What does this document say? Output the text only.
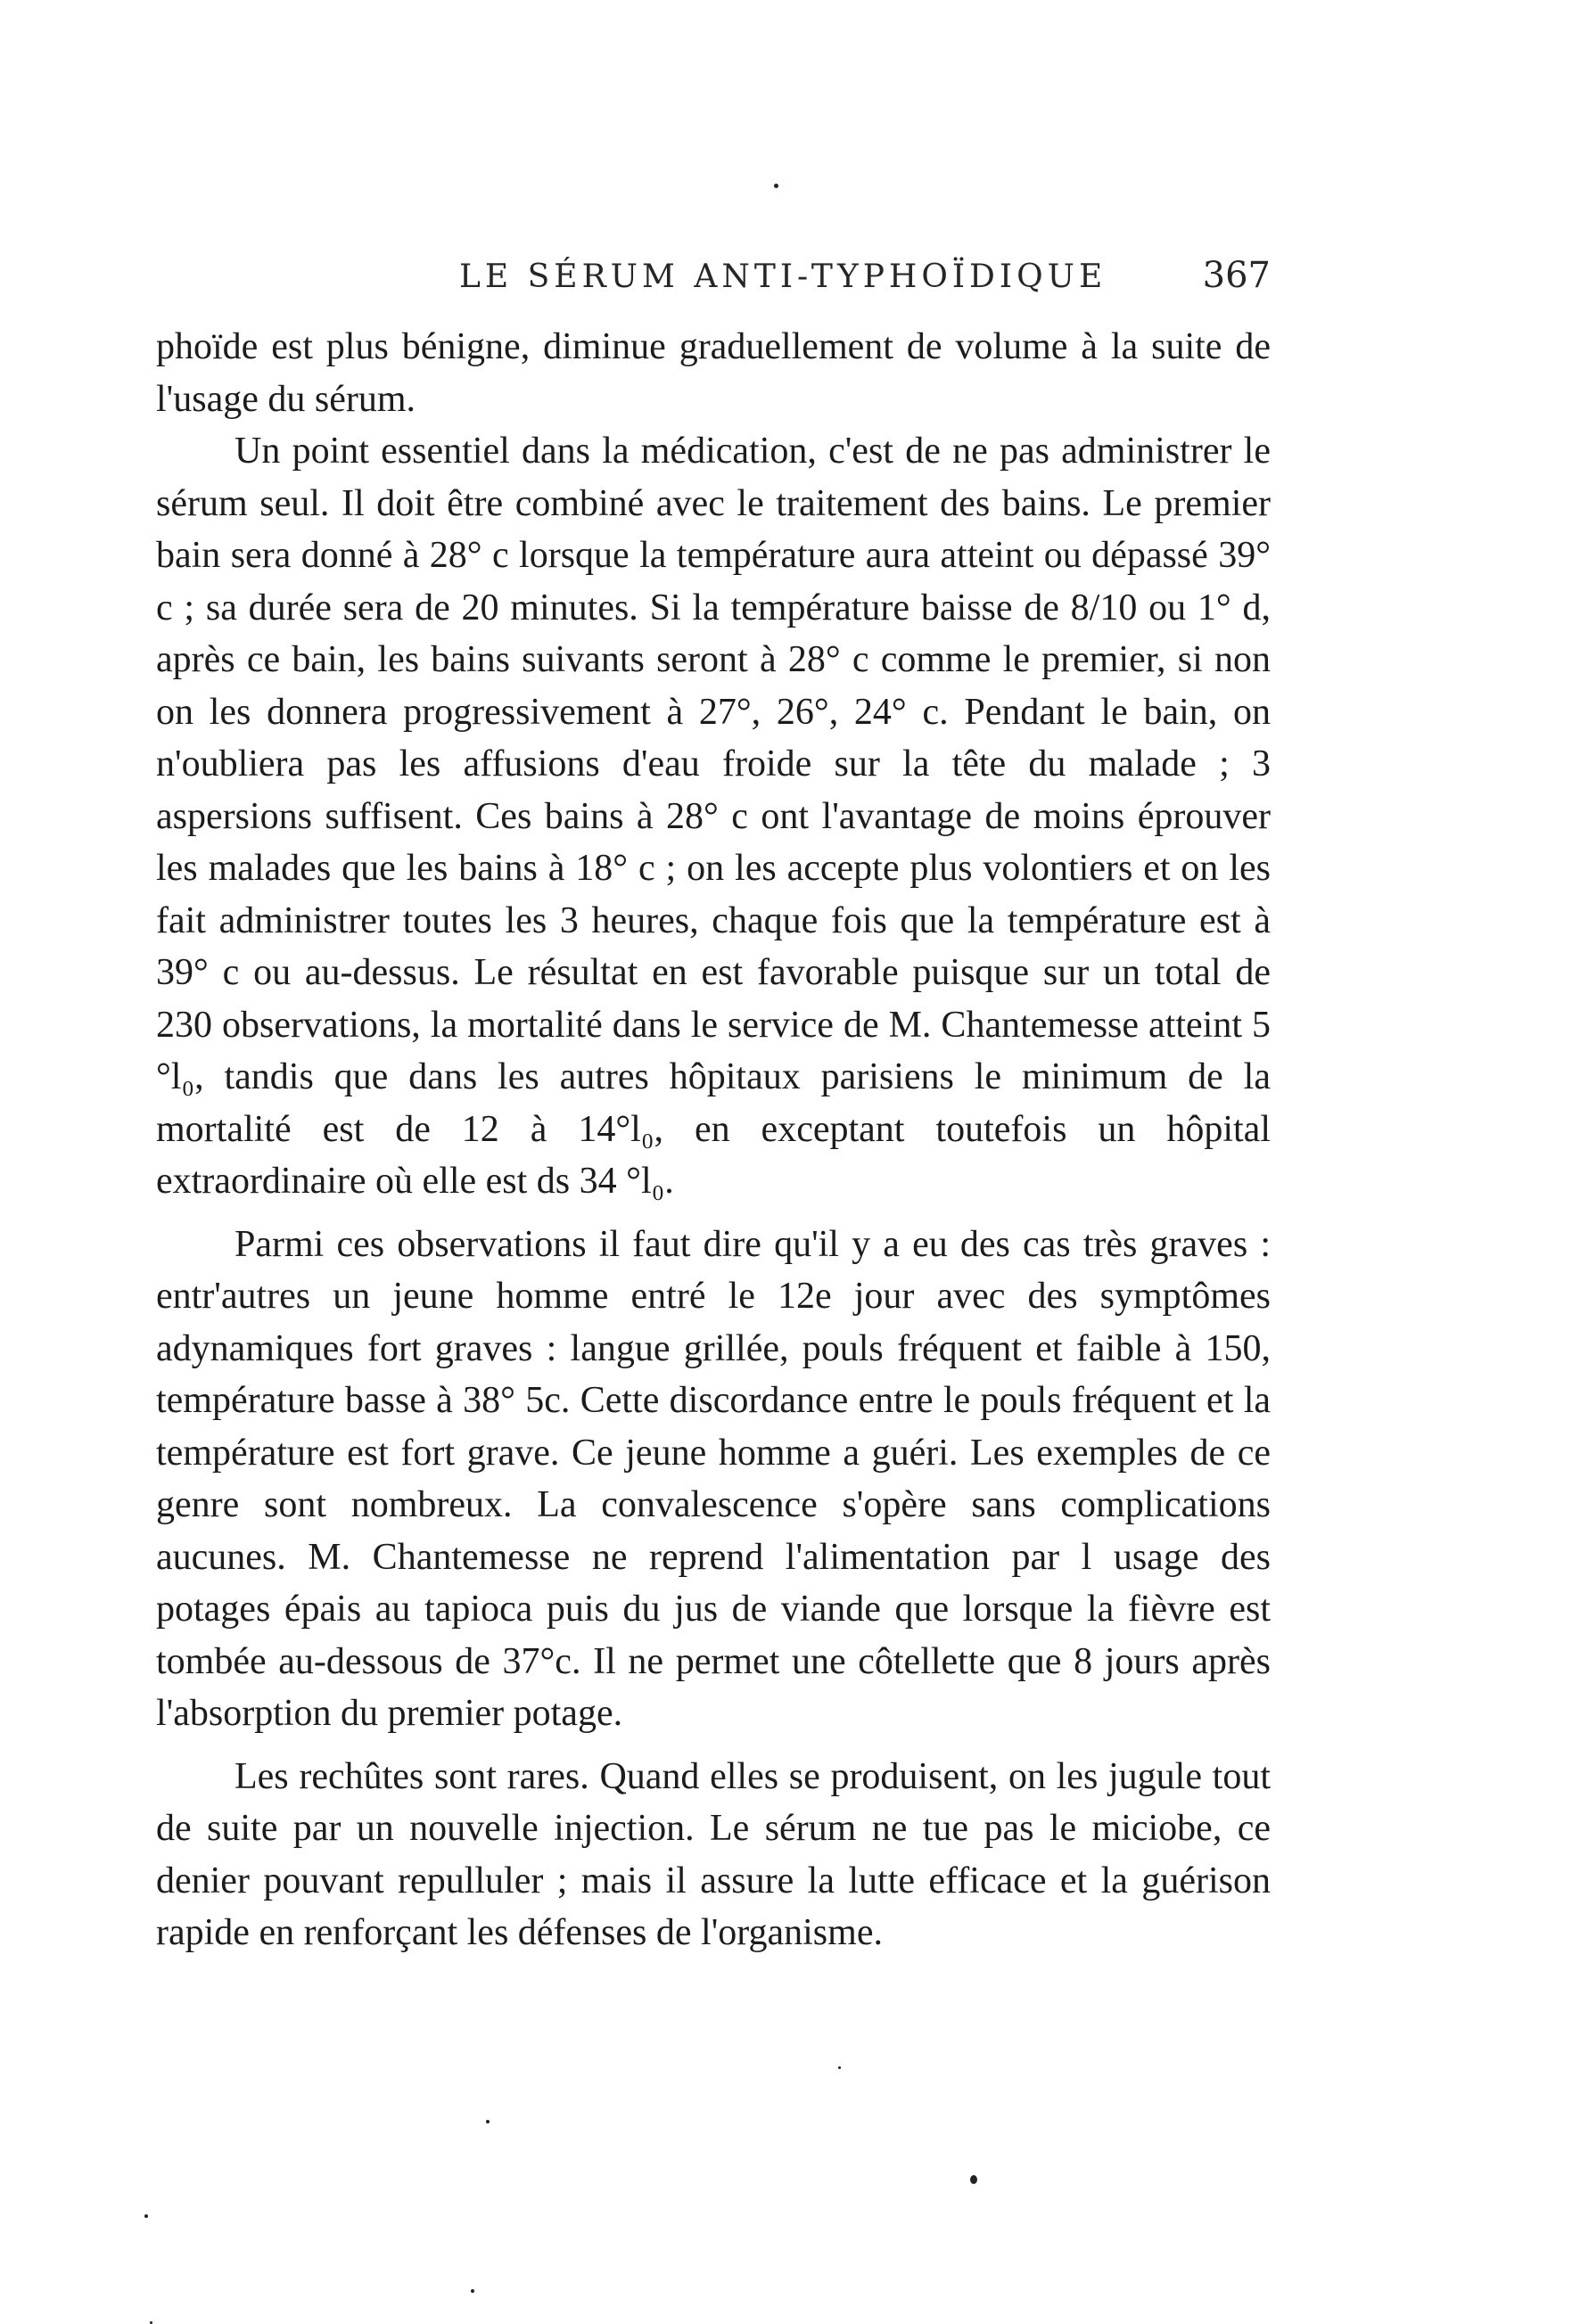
LE SÉRUM ANTI-TYPHOÏDIQUE	367

phoïde est plus bénigne, diminue graduellement de volume à la suite de l'usage du sérum.

Un point essentiel dans la médication, c'est de ne pas administrer le sérum seul. Il doit être combiné avec le traitement des bains. Le premier bain sera donné à 28° c lorsque la température aura atteint ou dépassé 39° c ; sa durée sera de 20 minutes. Si la température baisse de 8/10 ou 1° d, après ce bain, les bains suivants seront à 28° c comme le premier, si non on les donnera progressivement à 27°, 26°, 24° c. Pendant le bain, on n'oubliera pas les affusions d'eau froide sur la tête du malade ; 3 aspersions suffisent. Ces bains à 28° c ont l'avantage de moins éprouver les malades que les bains à 18° c ; on les accepte plus volontiers et on les fait administrer toutes les 3 heures, chaque fois que la température est à 39° c ou au-dessus. Le résultat en est favorable puisque sur un total de 230 observations, la mortalité dans le service de M. Chantemesse atteint 5 °l₀, tandis que dans les autres hôpitaux parisiens le minimum de la mortalité est de 12 à 14°l₀, en exceptant toutefois un hôpital extraordinaire où elle est ds 34 °l₀.

Parmi ces observations il faut dire qu'il y a eu des cas très graves : entr'autres un jeune homme entré le 12e jour avec des symptômes adynamiques fort graves : langue grillée, pouls fréquent et faible à 150, température basse à 38° 5c. Cette discordance entre le pouls fréquent et la température est fort grave. Ce jeune homme a guéri. Les exemples de ce genre sont nombreux. La convalescence s'opère sans complications aucunes. M. Chantemesse ne reprend l'alimentation par l usage des potages épais au tapioca puis du jus de viande que lorsque la fièvre est tombée au-dessous de 37°c. Il ne permet une côtellette que 8 jours après l'absorption du premier potage.

Les rechûtes sont rares. Quand elles se produisent, on les jugule tout de suite par un nouvelle injection. Le sérum ne tue pas le miciobe, ce denier pouvant repulluler ; mais il assure la lutte efficace et la guérison rapide en renforçant les défenses de l'organisme.
